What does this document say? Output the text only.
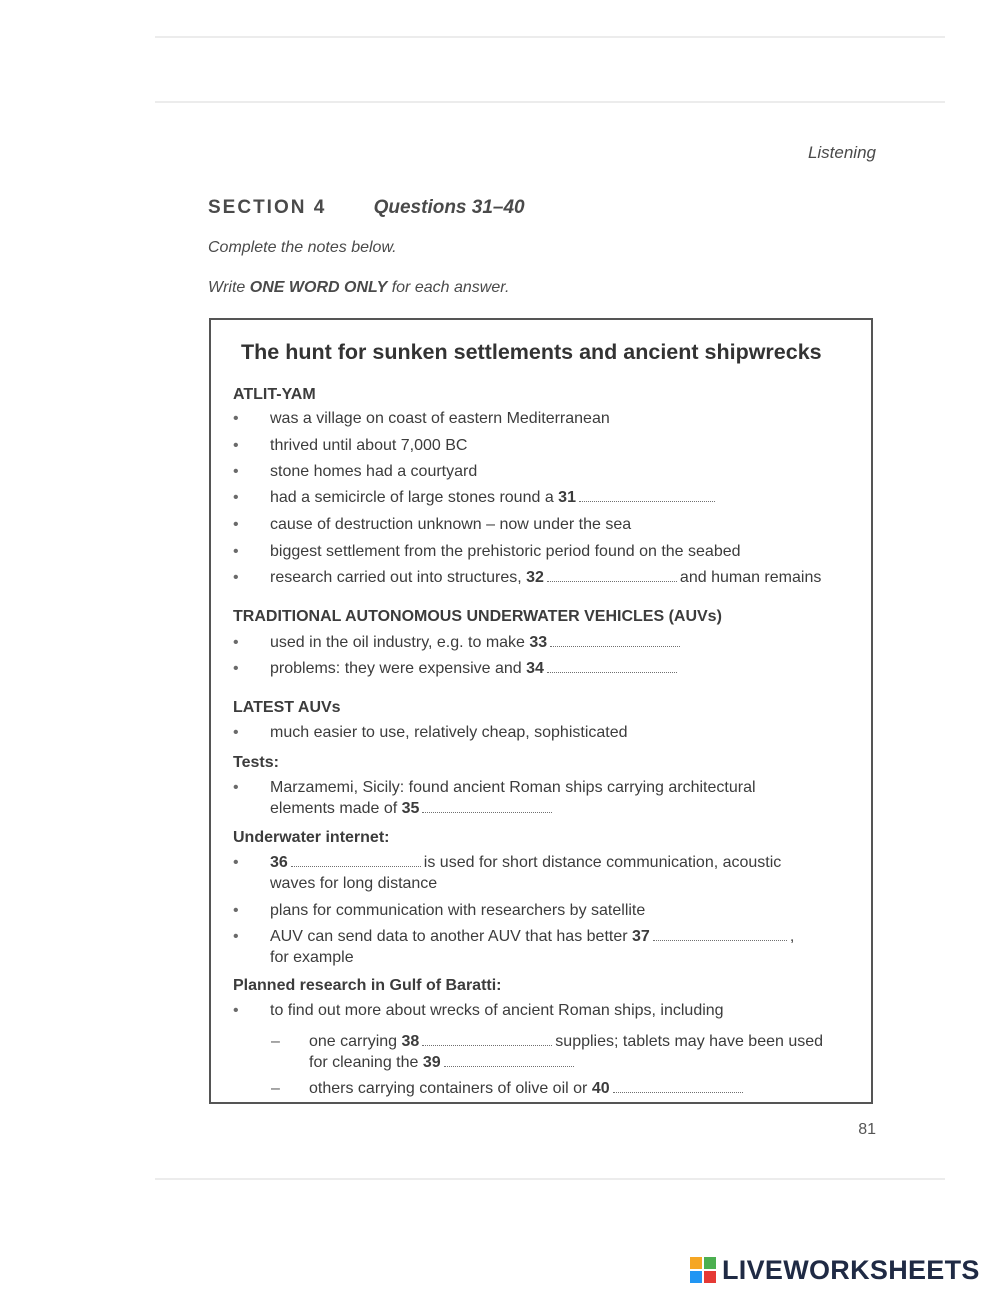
Listening
SECTION 4 Questions 31–40
Complete the notes below.
Write ONE WORD ONLY for each answer.
The hunt for sunken settlements and ancient shipwrecks
ATLIT-YAM
• was a village on coast of eastern Mediterranean
• thrived until about 7,000 BC
• stone homes had a courtyard
• had a semicircle of large stones round a 31
• cause of destruction unknown – now under the sea
• biggest settlement from the prehistoric period found on the seabed
• research carried out into structures, 32	and human remains
TRADITIONAL AUTONOMOUS UNDERWATER VEHICLES (AUVs)
• used in the oil industry, e.g. to make 33
• problems: they were expensive and 34
LATEST AUVs
• much easier to use, relatively cheap, sophisticated
Tests:
• Marzamemi, Sicily: found ancient Roman ships carrying architectural
elements made of 35
Underwater internet:
• 36	is used for short distance communication, acoustic
waves for long distance
• plans for communication with researchers by satellite
• AUV can send data to another AUV that has better 37	,
for example
Planned research in Gulf of Baratti:
• to find out more about wrecks of ancient Roman ships, including
– one carrying 38	supplies; tablets may have been used
for cleaning the 39
– others carrying containers of olive oil or 40
81
LIVEWORKSHEETS
